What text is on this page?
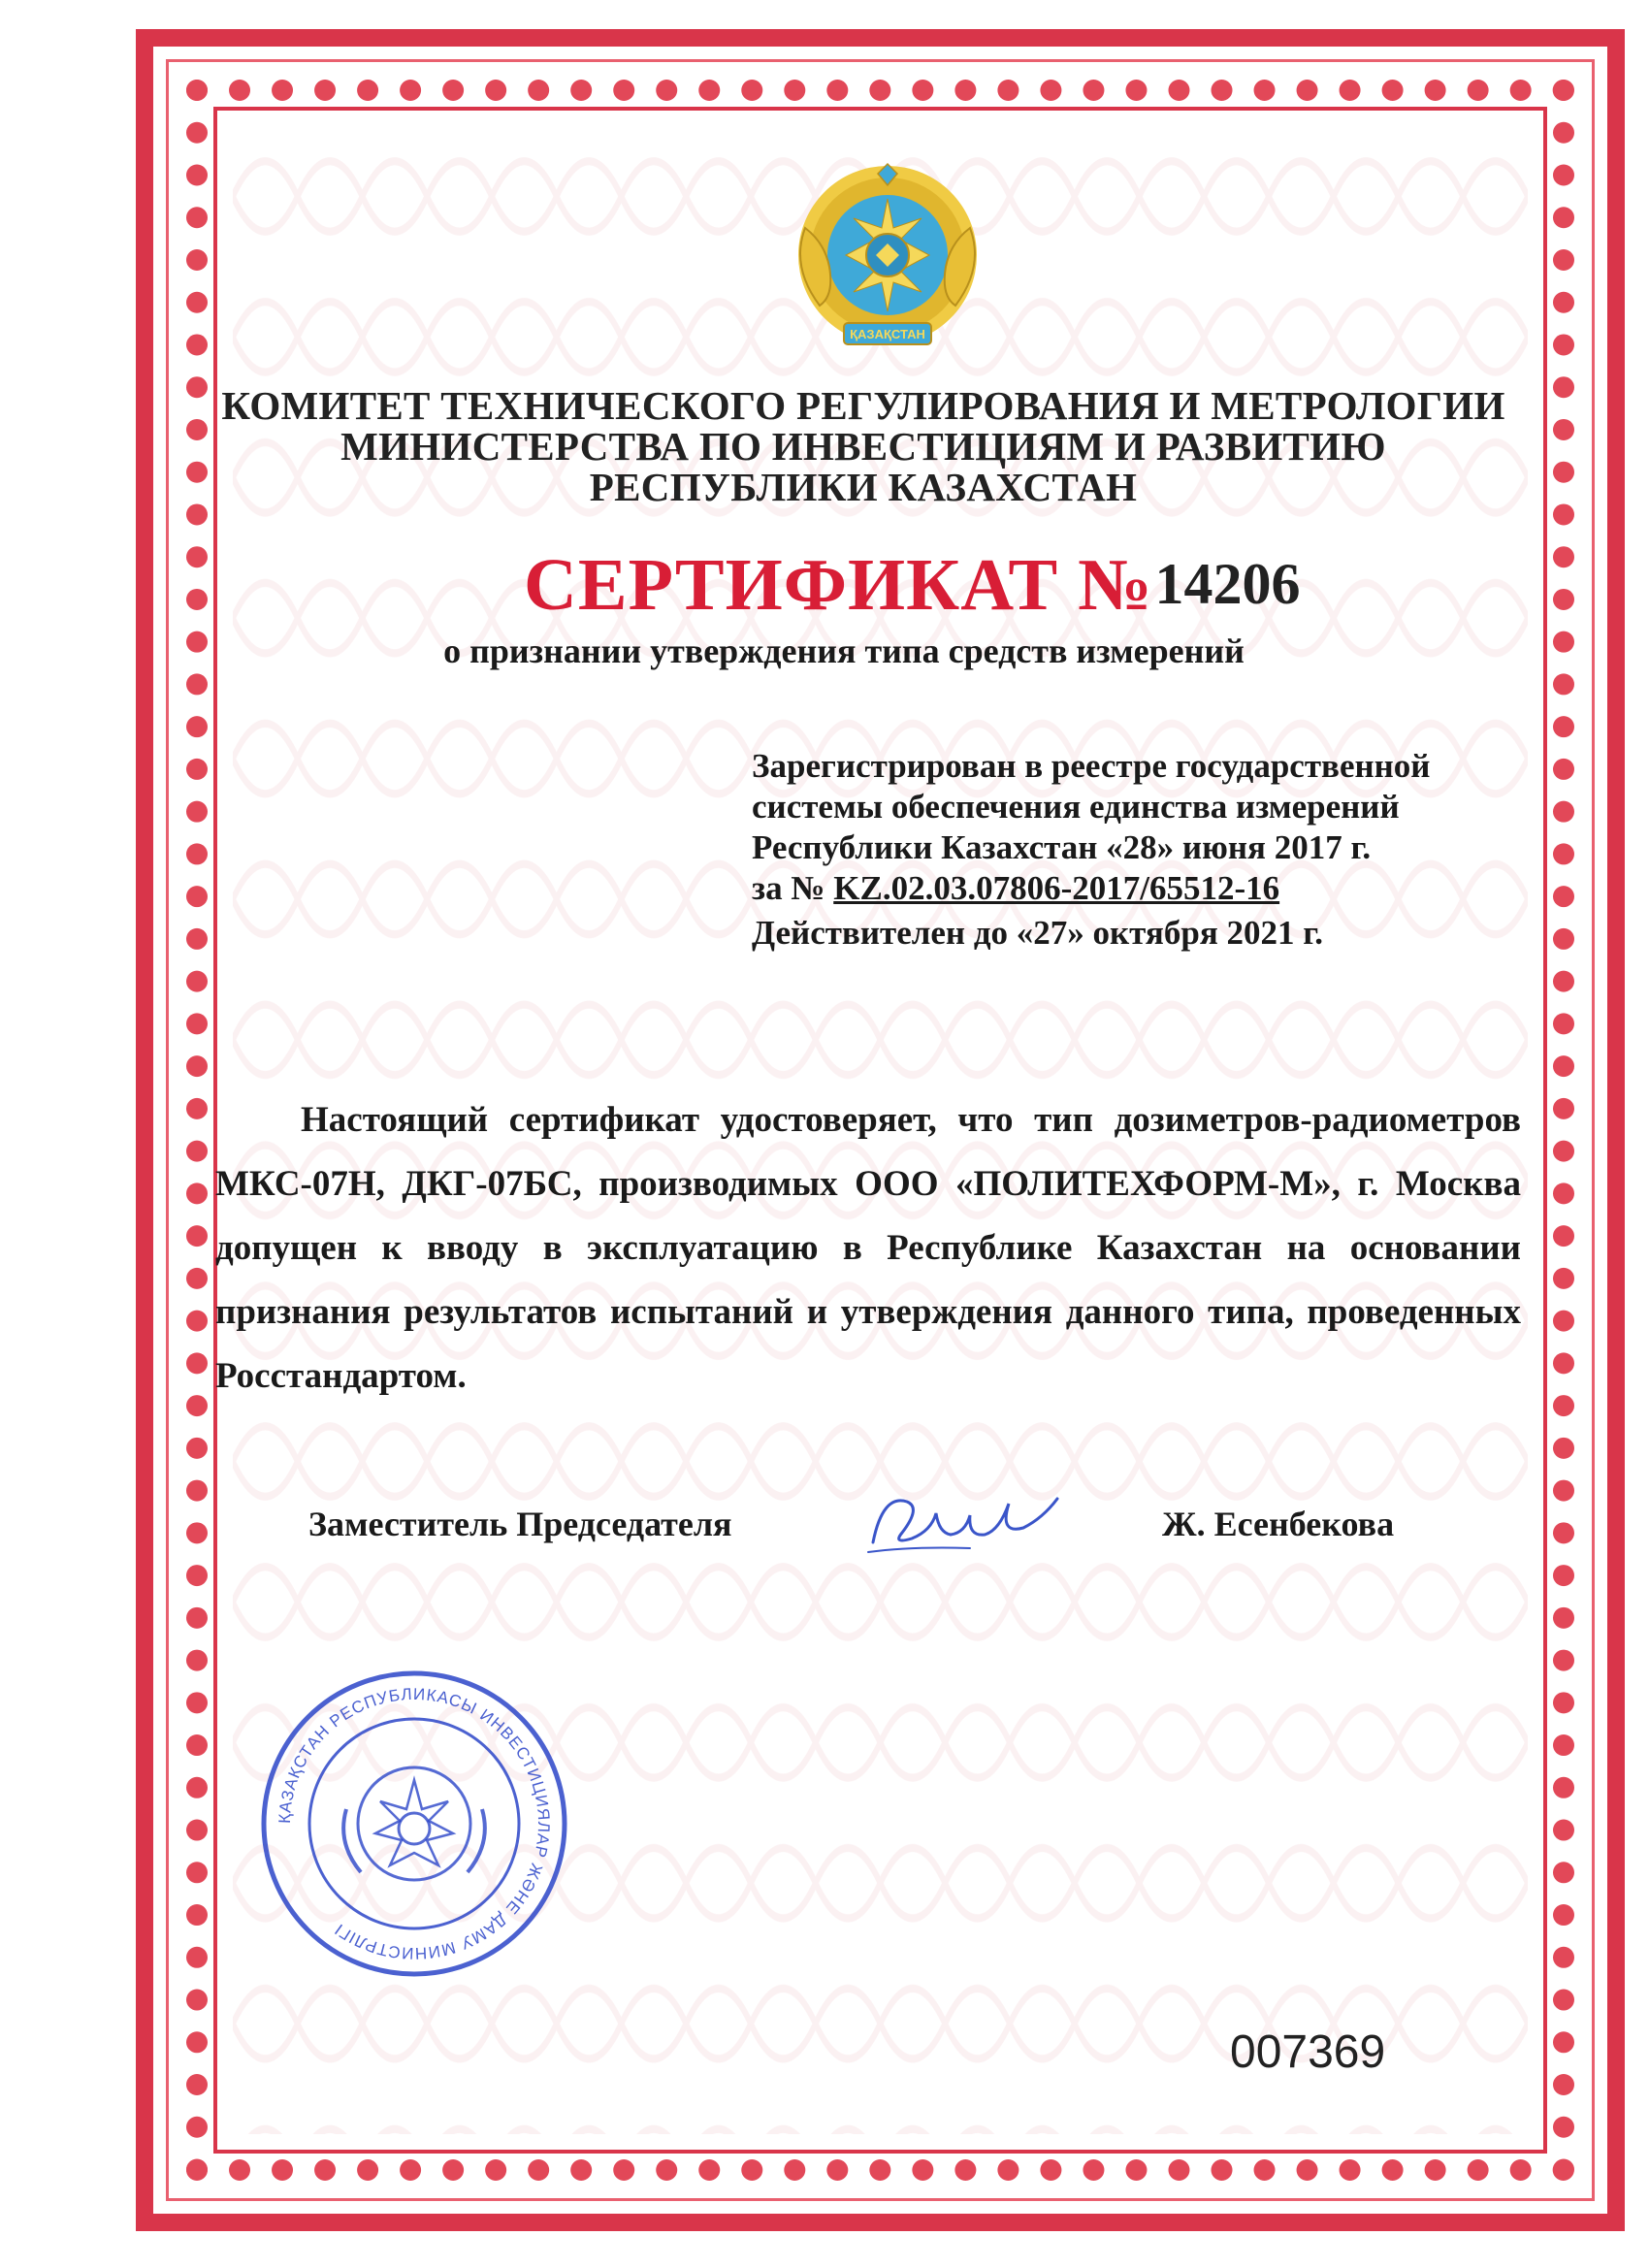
ҚАЗАҚСТАН
КОМИТЕТ ТЕХНИЧЕСКОГО РЕГУЛИРОВАНИЯ И МЕТРОЛОГИИ
МИНИСТЕРСТВА ПО ИНВЕСТИЦИЯМ И РАЗВИТИЮ
РЕСПУБЛИКИ КАЗАХСТАН
СЕРТИФИКАТ №14206
о признании утверждения типа средств измерений
Зарегистрирован в реестре государственной
системы обеспечения единства измерений
Республики Казахстан «28» июня 2017 г.
за № KZ.02.03.07806-2017/65512-16
Действителен до «27» октября 2021 г.
Настоящий сертификат удостоверяет, что тип дозиметров-радиометров МКС-07Н, ДКГ-07БС, производимых ООО «ПОЛИТЕХФОРМ-М», г. Москва допущен к вводу в эксплуатацию в Республике Казахстан на основании признания результатов испытаний и утверждения данного типа, проведенных Росстандартом.
Заместитель Председателя	Ж. Есенбекова
ҚАЗАҚСТАН РЕСПУБЛИКАСЫ ИНВЕСТИЦИЯЛАР ЖӘНЕ ДАМУ МИНИСТРЛІГІ
007369
